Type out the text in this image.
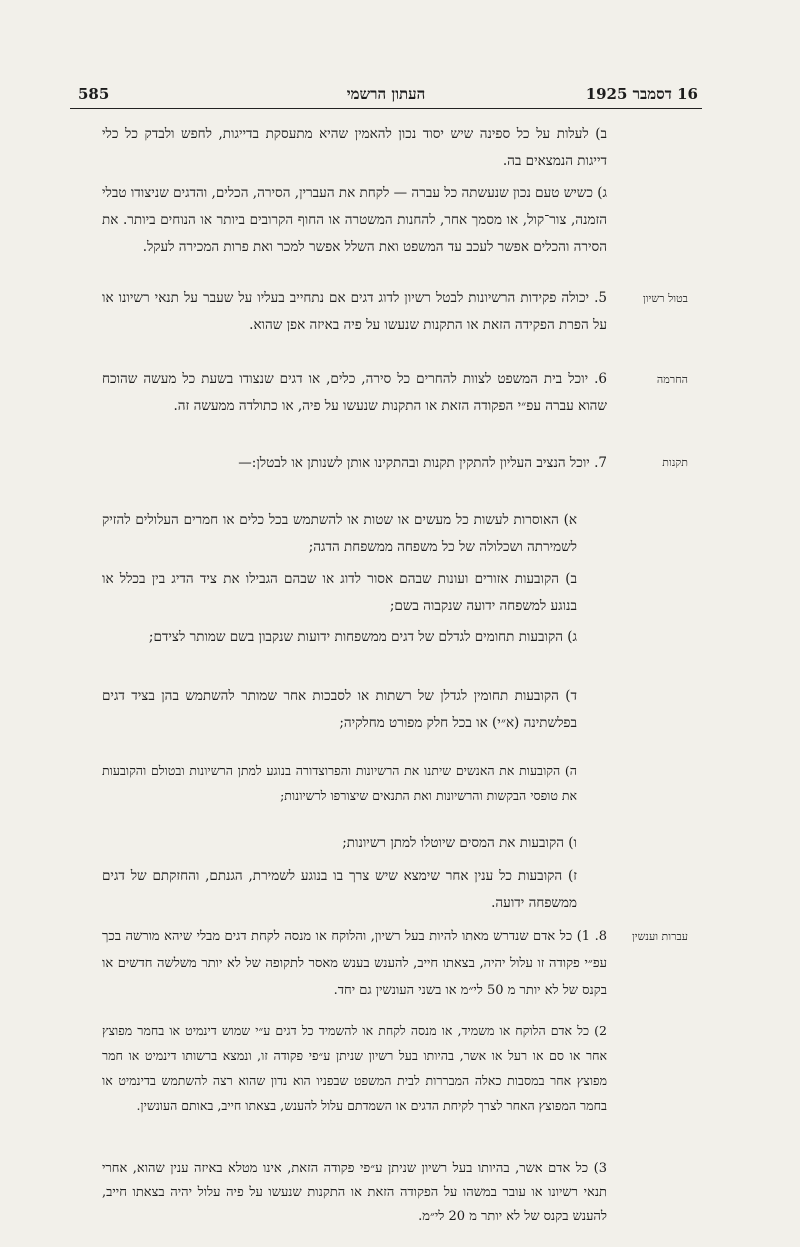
585	העתון הרשמי	16 דסמבר 1925
בטול רשיון
החרמה
תקנות
עברות וענשין

ב) לעלות על כל ספינה שיש יסוד נכון להאמין שהיא מתעסקת בדייגות, לחפש ולבדק כל כלי דייגות הנמצאים בה.

ג) כשיש טעם נכון שנעשתה כל עברה — לקחת את העברין, הסירה, הכלים, והדגים שניצודו טבלי הזמנה, צור־קול, או מסמך אחר, להחנות המשטרה או החוף הקרובים ביותר או הנוחים ביותר. את הסירה והכלים אפשר לעכב עד המשפט ואת השלל אפשר למכר ואת פרות המכירה לעקל.

5. יכולה פקידות הרשיונות לבטל רשיון לדוג דגים אם נתחייב בעליו על שעבר על תנאי רשיונו או על הפרת הפקידה הזאת או התקנות שנעשו על פיה באיזה אפן שהוא.

6. יוכל בית המשפט לצוות להחרים כל סירה, כלים, או דגים שנצודו בשעת כל מעשה שהוכח שהוא עברה עפ״י הפקודה הזאת או התקנות שנעשו על פיה, או כתולדה ממעשה זה.

7. יוכל הנציב העליון להתקין תקנות ובהתקינו אותן לשנותן או לבטלן:—

א) האוסרות לעשות כל מעשים או שטות או להשתמש בכל כלים או חמרים העלולים להזיק לשמירתה ושכלולה של כל משפחה ממשפחת הדגה;

ב) הקובעות אזורים ועונות שבהם אסור לדוג או שבהם הגבילו את ציד הדיג בין בכלל או בנוגע למשפחה ידועה שנקבוה בשם;

ג) הקובעות תחומים לגדלם של דגים ממשפחות ידועות שנקבון בשם שמותר לצידם;

ד) הקובעות תחומין לגדלן של רשתות או לסבכות אחר שמותר להשתמש בהן בציד דגים בפלשתינה (א״י) או בכל חלק מפורט מחלקיה;

ה) הקובעות את האנשים שיתנו את הרשיונות והפרוצדורה בנוגע למתן הרשיונות ובטולם והקובעות את טופסי הבקשות והרשיונות ואת התנאים שיצורפו לרשיונות;

ו) הקובעות את המסים שיוטלו למתן רשיונות;

ז) הקובעות כל ענין אחר שימצא שיש צרך בו בנוגע לשמירת, הגנתם, והחזקתם של דגים ממשפחה ידועה.

8. 1) כל אדם שנדרש מאתו להיות בעל רשיון, והלוקח או מנסה לקחת דגים מבלי שיהא מורשה בכך עפ״י פקודה זו עלול יהיה, בצאתו חייב, להענש בענש מאסר לתקופה של לא יותר משלשה חדשים או בקנס של לא יותר מ 50 לי״מ או בשני העונשין גם יחד.

2) כל אדם הלוקח או משמיד, או מנסה לקחת או להשמיד כל דגים ע״י שמוש דינמיט או בחמר מפוצץ אחר או סם או רעל או אשר, בהיותו בעל רשיון שניתן ע״פי פקודה זו, ונמצא ברשותו דינמיט או חמר מפוצץ אחר במסבות כאלה המבררות לבית המשפט שבפניו הוא נדון שהוא רצה להשתמש בדינמיט או בחמר המפוצץ האחר לצרך לקיחת הדגים או השמדתם עלול להענש, בצאתו חייב, באותם העונשין.

3) כל אדם אשר, בהיותו בעל רשיון שניתן ע״פי פקודה הזאת, אינו מטלא באיזה ענין שהוא, אחרי תנאי רשיונו או עובר במשהו על הפקודה הזאת או התקנות שנעשו על פיה עלול יהיה בצאתו חייב, להענש בקנס של לא יותר מ 20 לי״מ.
